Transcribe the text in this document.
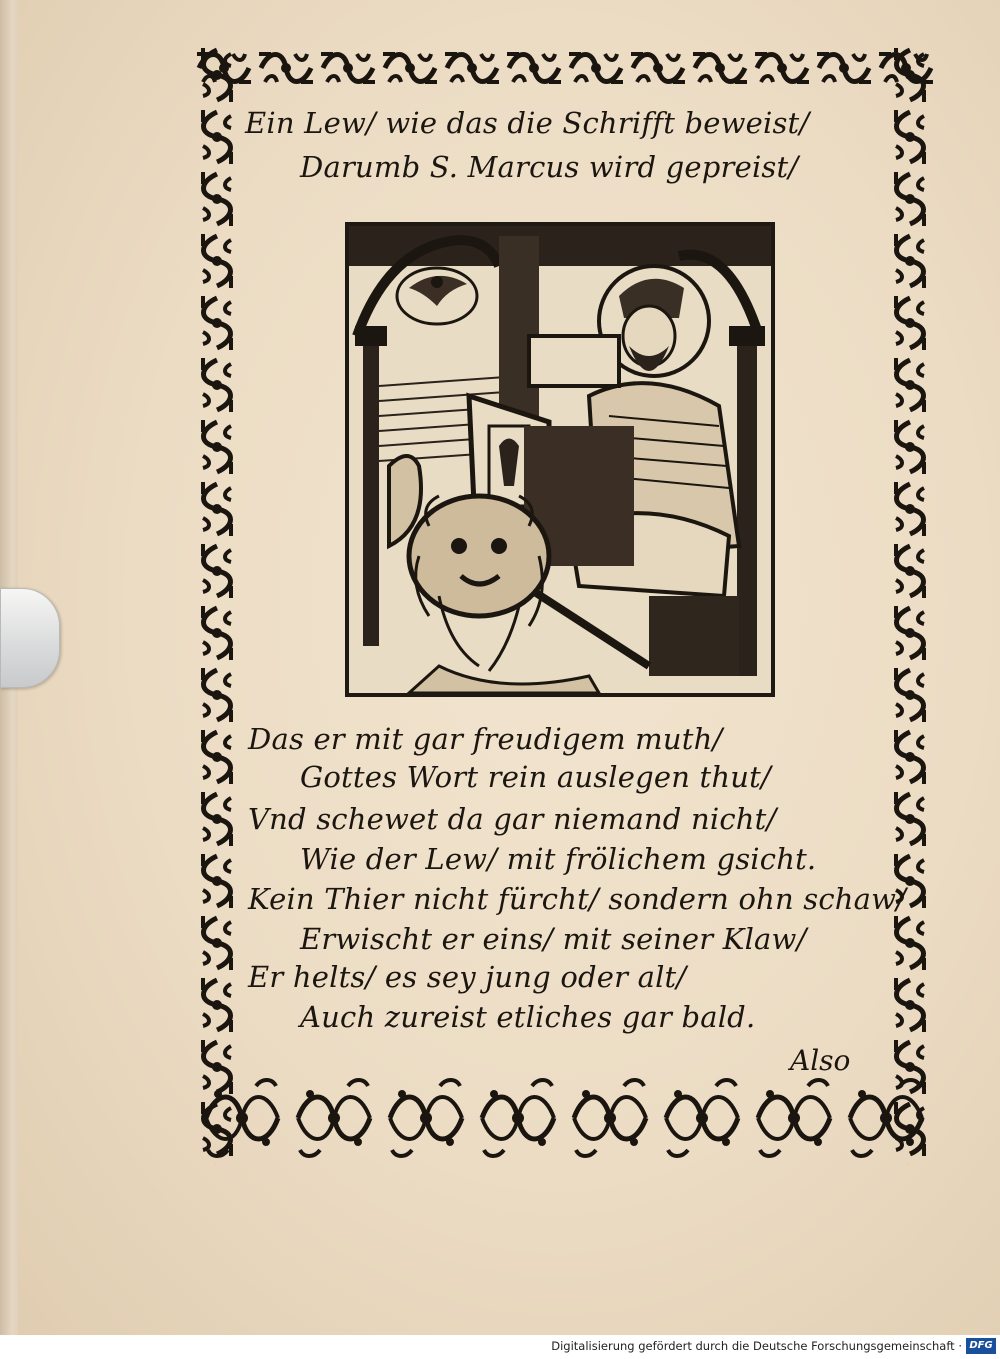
Ein Lew/ wie das die Schrifft beweist/
Darumb S. Marcus wird gepreist/
Das er mit gar freudigem muth/
Gottes Wort rein auslegen thut/
Vnd schewet da gar niemand nicht/
Wie der Lew/ mit frölichem gsicht.
Kein Thier nicht fürcht/ sondern ohn schaw/
Erwischt er eins/ mit seiner Klaw/
Er helts/ es sey jung oder alt/
Auch zureist etliches gar bald.
Also
Digitalisierung gefördert durch die Deutsche Forschungsgemeinschaft · DFG
